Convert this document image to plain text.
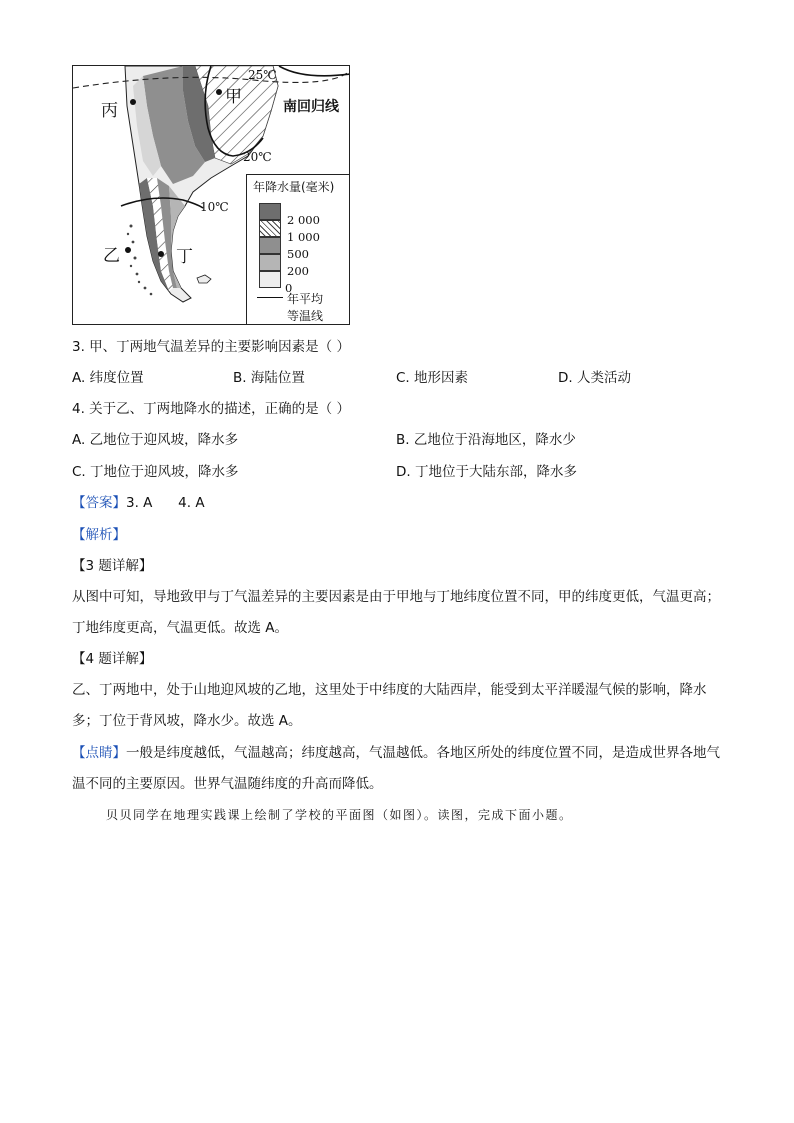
丙
甲
乙	丁
南回归线
25℃
20℃
10℃
年降水量(毫米)
2 000
1 000
500
200
0
年平均
等温线
3. 甲、丁两地气温差异的主要影响因素是（ ）
A. 纬度位置	B. 海陆位置	C. 地形因素	D. 人类活动
4. 关于乙、丁两地降水的描述，正确的是（ ）
A. 乙地位于迎风坡，降水多	B. 乙地位于沿海地区，降水少
C. 丁地位于迎风坡，降水多	D. 丁地位于大陆东部，降水多
【答案】3. A      4. A
【解析】
【3 题详解】
从图中可知，导地致甲与丁气温差异的主要因素是由于甲地与丁地纬度位置不同，甲的纬度更低，气温更高；丁地纬度更高，气温更低。故选 A。
【4 题详解】
乙、丁两地中，处于山地迎风坡的乙地，这里处于中纬度的大陆西岸，能受到太平洋暖湿气候的影响，降水多；丁位于背风坡，降水少。故选 A。
【点睛】一般是纬度越低，气温越高；纬度越高，气温越低。各地区所处的纬度位置不同，是造成世界各地气温不同的主要原因。世界气温随纬度的升高而降低。
贝贝同学在地理实践课上绘制了学校的平面图（如图）。读图，完成下面小题。
